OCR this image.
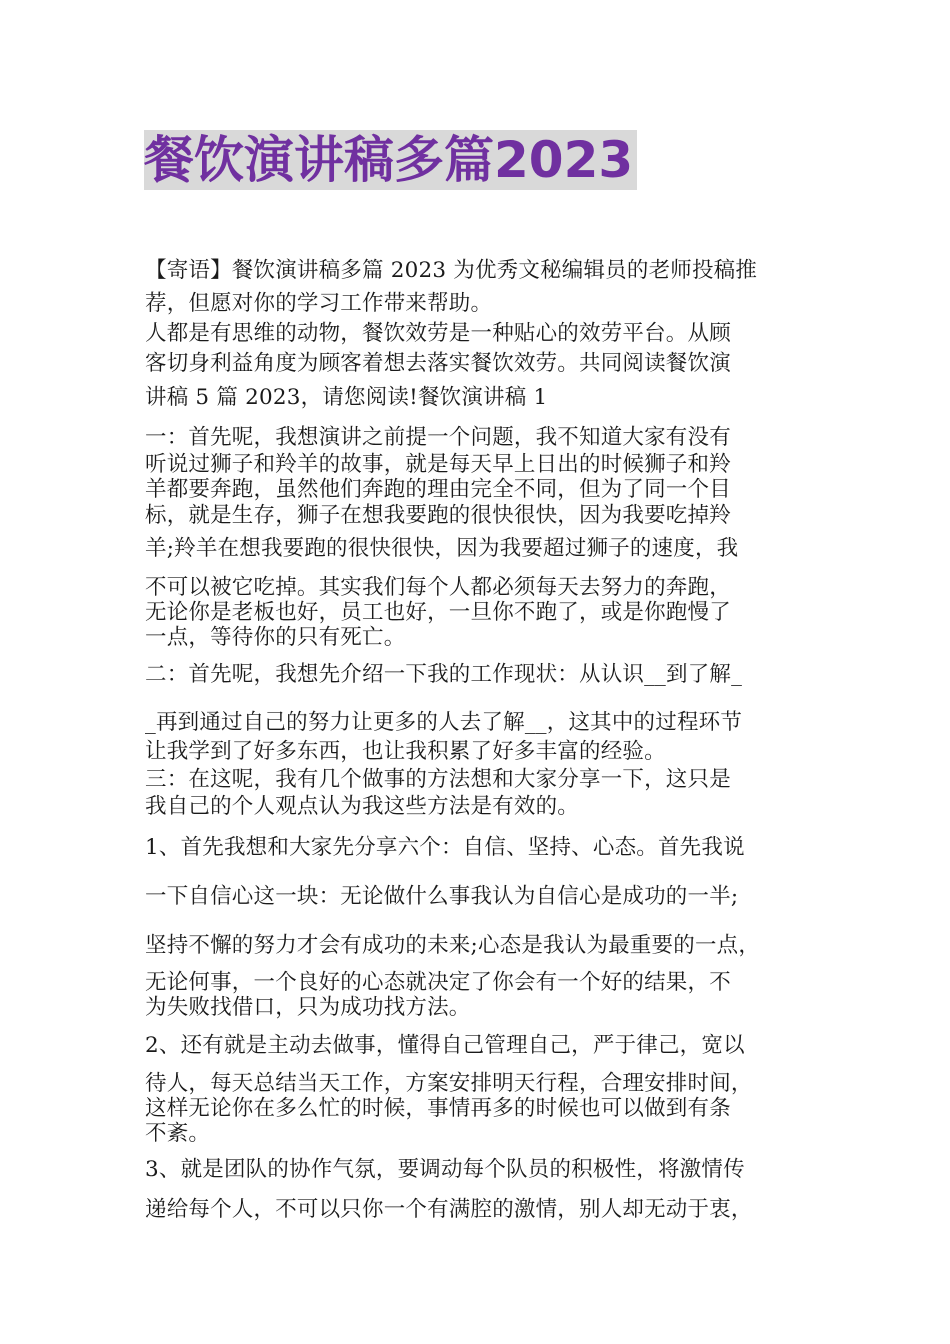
餐饮演讲稿多篇2023
【寄语】餐饮演讲稿多篇 2023 为优秀文秘编辑员的老师投稿推
荐，但愿对你的学习工作带来帮助。
人都是有思维的动物，餐饮效劳是一种贴心的效劳平台。从顾
客切身利益角度为顾客着想去落实餐饮效劳。共同阅读餐饮演
讲稿 5 篇 2023，请您阅读!餐饮演讲稿 1
一：首先呢，我想演讲之前提一个问题，我不知道大家有没有
听说过狮子和羚羊的故事，就是每天早上日出的时候狮子和羚
羊都要奔跑，虽然他们奔跑的理由完全不同，但为了同一个目
标，就是生存，狮子在想我要跑的很快很快，因为我要吃掉羚
羊;羚羊在想我要跑的很快很快，因为我要超过狮子的速度，我
不可以被它吃掉。其实我们每个人都必须每天去努力的奔跑，
无论你是老板也好，员工也好，一旦你不跑了，或是你跑慢了
一点，等待你的只有死亡。
二：首先呢，我想先介绍一下我的工作现状：从认识__到了解_
_再到通过自己的努力让更多的人去了解__，这其中的过程环节
让我学到了好多东西，也让我积累了好多丰富的经验。
三：在这呢，我有几个做事的方法想和大家分享一下，这只是
我自己的个人观点认为我这些方法是有效的。
1、首先我想和大家先分享六个：自信、坚持、心态。首先我说
一下自信心这一块：无论做什么事我认为自信心是成功的一半;
坚持不懈的努力才会有成功的未来;心态是我认为最重要的一点，
无论何事，一个良好的心态就决定了你会有一个好的结果，不
为失败找借口，只为成功找方法。
2、还有就是主动去做事，懂得自己管理自己，严于律己，宽以
待人，每天总结当天工作，方案安排明天行程，合理安排时间，
这样无论你在多么忙的时候，事情再多的时候也可以做到有条
不紊。
3、就是团队的协作气氛，要调动每个队员的积极性，将激情传
递给每个人，不可以只你一个有满腔的激情，别人却无动于衷，
